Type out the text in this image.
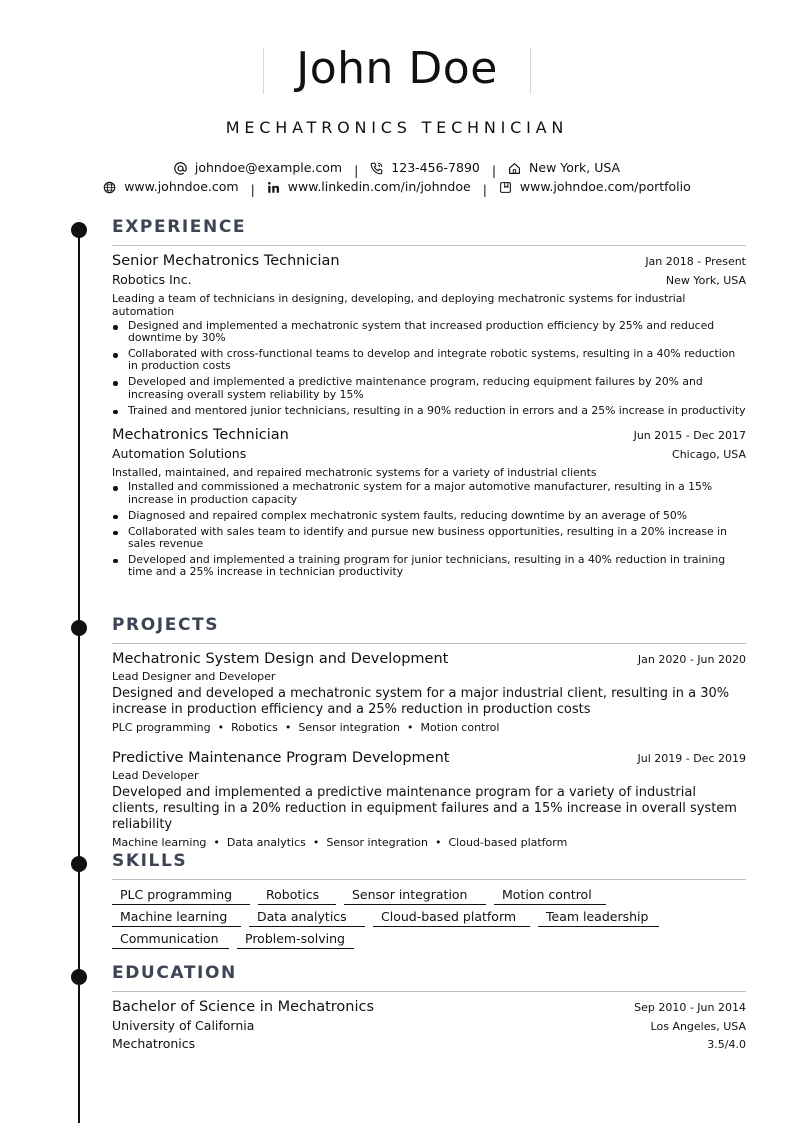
John Doe
MECHATRONICS TECHNICIAN
johndoe@example.com |	123-456-7890 |	New York, USA
www.johndoe.com |	www.linkedin.com/in/johndoe |	www.johndoe.com/portfolio
EXPERIENCE
Senior Mechatronics Technician	Jan 2018 - Present
Robotics Inc.	New York, USA
Leading a team of technicians in designing, developing, and deploying mechatronic systems for industrial automation
Designed and implemented a mechatronic system that increased production efficiency by 25% and reduced downtime by 30%
Collaborated with cross-functional teams to develop and integrate robotic systems, resulting in a 40% reduction in production costs
Developed and implemented a predictive maintenance program, reducing equipment failures by 20% and increasing overall system reliability by 15%
Trained and mentored junior technicians, resulting in a 90% reduction in errors and a 25% increase in productivity
Mechatronics Technician	Jun 2015 - Dec 2017
Automation Solutions	Chicago, USA
Installed, maintained, and repaired mechatronic systems for a variety of industrial clients
Installed and commissioned a mechatronic system for a major automotive manufacturer, resulting in a 15% increase in production capacity
Diagnosed and repaired complex mechatronic system faults, reducing downtime by an average of 50%
Collaborated with sales team to identify and pursue new business opportunities, resulting in a 20% increase in sales revenue
Developed and implemented a training program for junior technicians, resulting in a 40% reduction in training time and a 25% increase in technician productivity
PROJECTS
Mechatronic System Design and Development	Jan 2020 - Jun 2020
Lead Designer and Developer
Designed and developed a mechatronic system for a major industrial client, resulting in a 30% increase in production efficiency and a 25% reduction in production costs
PLC programming • Robotics • Sensor integration • Motion control
Predictive Maintenance Program Development	Jul 2019 - Dec 2019
Lead Developer
Developed and implemented a predictive maintenance program for a variety of industrial clients, resulting in a 20% reduction in equipment failures and a 15% increase in overall system reliability
Machine learning • Data analytics • Sensor integration • Cloud-based platform
SKILLS
PLC programming	Robotics	Sensor integration	Motion control
Machine learning	Data analytics	Cloud-based platform	Team leadership
Communication	Problem-solving
EDUCATION
Bachelor of Science in Mechatronics	Sep 2010 - Jun 2014
University of California	Los Angeles, USA
Mechatronics	3.5/4.0
